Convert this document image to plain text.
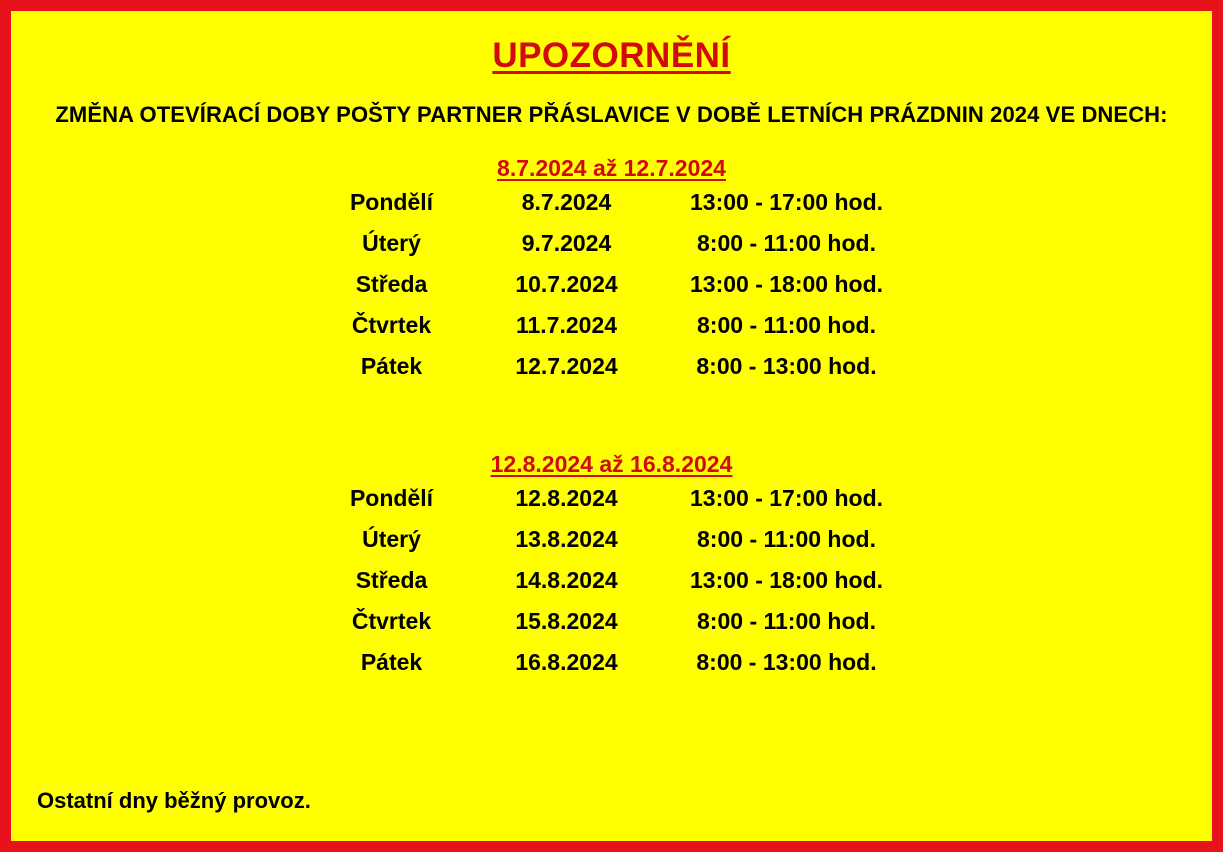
UPOZORNĚNÍ
ZMĚNA OTEVÍRACÍ DOBY POŠTY PARTNER PŘÁSLAVICE V DOBĚ LETNÍCH PRÁZDNIN 2024 VE DNECH:
8.7.2024 až 12.7.2024
Pondělí	8.7.2024	13:00 - 17:00 hod.
Úterý	9.7.2024	8:00 - 11:00 hod.
Středa	10.7.2024	13:00 - 18:00 hod.
Čtvrtek	11.7.2024	8:00 - 11:00 hod.
Pátek	12.7.2024	8:00 - 13:00 hod.
12.8.2024 až 16.8.2024
Pondělí	12.8.2024	13:00 - 17:00 hod.
Úterý	13.8.2024	8:00 - 11:00 hod.
Středa	14.8.2024	13:00 - 18:00 hod.
Čtvrtek	15.8.2024	8:00 - 11:00 hod.
Pátek	16.8.2024	8:00 - 13:00 hod.
Ostatní dny běžný provoz.
